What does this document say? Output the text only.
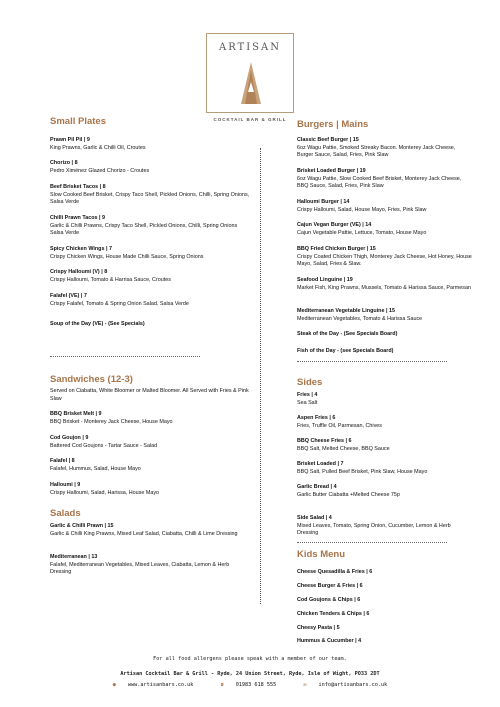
ARTISAN
COCKTAIL BAR & GRILL
Small Plates
Prawn Pil Pil | 9
King Prawns, Garlic & Chilli Oil, Croutes
Chorizo | 8
Pedro Ximénez Glazed Chorizo - Croutes
Beef Brisket Tacos | 8
Slow Cooked Beef Brisket, Crispy Taco Shell, Pickled Onions, Chilli, Spring Onions, Salsa Verde
Chilli Prawn Tacos | 9
Garlic & Chilli Prawns, Crispy Taco Shell, Pickled Onions, Chilli, Spring Onions Salsa Verde
Spicy Chicken Wings | 7
Crispy Chicken Wings, House Made Chilli Sauce, Spring Onions
Crispy Halloumi (V) | 8
Crispy Halloumi, Tomato & Harrisa Sauce, Croutes
Falafel (VE) | 7
Crispy Falafel, Tomato & Spring Onion Salad, Salsa Verde
Soup of the Day (VE) - (See Specials)
Sandwiches (12-3)
Served on Ciabatta, White Bloomer or Malted Bloomer. All Served with Fries & Pink Slaw
BBQ Brisket Melt | 9
BBQ Brisket - Monterey Jack Cheese, House Mayo
Cod Goujon | 9
Battered Cod Goujons - Tartar Sauce - Salad
Falafel | 8
Falafel, Hummus, Salad, House Mayo
Halloumi | 9
Crispy Halloumi, Salad, Harissa, House Mayo
Salads
Garlic & Chilli Prawn | 15
Garlic & Chilli King Prawns, Mixed Leaf Salad, Ciabatta, Chilli & Lime Dressing
Mediterranean | 13
Falafel, Mediterranean Vegetables, Mixed Leaves, Ciabatta, Lemon & Herb Dressing
Burgers | Mains
Classic Beef Burger | 15
6oz Wagu Pattie, Smoked Streaky Bacon. Monterey Jack Cheese, Burger Sauce, Salad, Fries, Pink Slaw
Brisket Loaded Burger | 19
6oz Wagu Pattie, Slow Cooked Beef Brisket, Monterey Jack Cheese, BBQ Sauce, Salad, Fries, Pink Slaw
Halloumi Burger | 14
Crispy Halloumi, Salad, House Mayo, Fries, Pink Slaw
Cajun Vegan Burger (VE) | 14
Cajun Vegetable Pattie, Lettuce, Tomato, House Mayo
BBQ Fried Chicken Burger | 15
Crispy Coated Chicken Thigh, Monterey Jack Cheese, Hot Honey, House Mayo, Salad, Fries & Slaw.
Seafood Linguine | 19
Market Fish, King Prawns, Mussels, Tomato & Harissa Sauce, Parmesan
Mediterranean Vegetable Linguine | 15
Mediterranean Vegetables, Tomato & Harissa Sauce
Steak of the Day - (See Specials Board)
Fish of the Day - (see Specials Board)
Sides
Fries | 4
Sea Salt
Aspen Fries | 6
Fries, Truffle Oil, Parmesan, Chives
BBQ Cheese Fries | 6
BBQ Salt, Melted Cheese, BBQ Sauce
Brisket Loaded | 7
BBQ Salt, Pulled Beef Brisket, Pink Slaw, House Mayo
Garlic Bread | 4
Garlic Butter Ciabatta +Melted Cheese 75p
Side Salad | 4
Mixed Leaves, Tomato, Spring Onion, Cucumber, Lemon & Herb Dressing
Kids Menu
Cheese Quesadilla & Fries | 6
Cheese Burger & Fries | 6
Cod Goujons & Chips | 6
Chicken Tenders & Chips | 6
Cheesy Pasta | 5
Hummus & Cucumber | 4
For all food allergens please speak with a member of our team.
Artisan Cocktail Bar & Grill - Ryde, 24 Union Street, Ryde, Isle of Wight, PO33 2DT
● www.artisanbars.co.uk	☎ 01983 618 555	✉ info@artisanbars.co.uk
